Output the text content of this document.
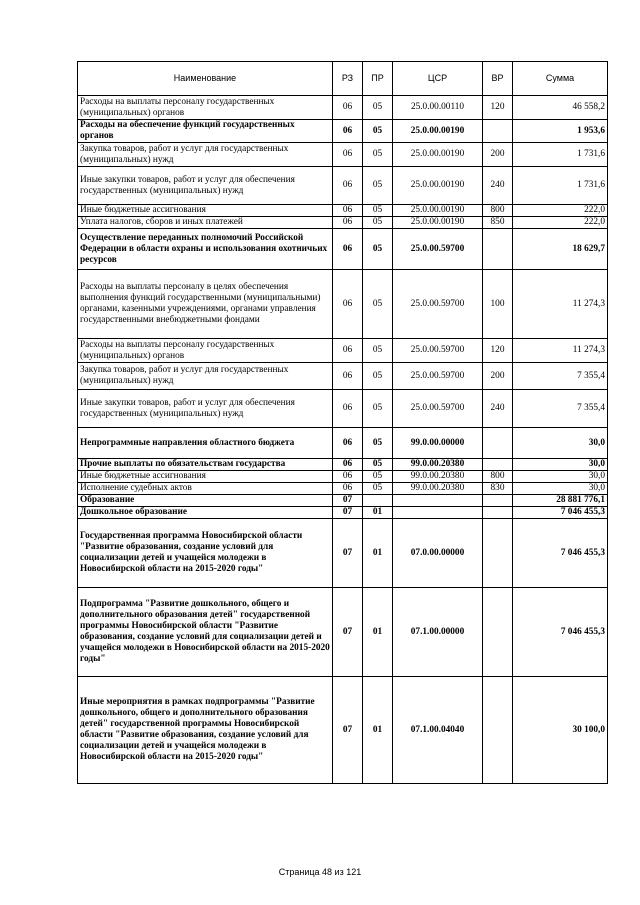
Наименование	РЗ	ПР	ЦСР	ВР	Сумма
Расходы на выплаты персоналу государственных (муниципальных) органов	06	05	25.0.00.00110	120	46 558,2
Расходы на обеспечение функций государственных органов	06	05	25.0.00.00190		1 953,6
Закупка товаров, работ и услуг для государственных (муниципальных) нужд	06	05	25.0.00.00190	200	1 731,6
Иные закупки товаров, работ и услуг для обеспечения государственных (муниципальных) нужд	06	05	25.0.00.00190	240	1 731,6
Иные бюджетные ассигнования	06	05	25.0.00.00190	800	222,0
Уплата налогов, сборов и иных платежей	06	05	25.0.00.00190	850	222,0
Осуществление переданных полномочий Российской Федерации в области охраны и использования охотничьих ресурсов	06	05	25.0.00.59700		18 629,7
Расходы на выплаты персоналу в целях обеспечения выполнения функций государственными (муниципальными) органами, казенными учреждениями, органами управления государственными внебюджетными фондами	06	05	25.0.00.59700	100	11 274,3
Расходы на выплаты персоналу государственных (муниципальных) органов	06	05	25.0.00.59700	120	11 274,3
Закупка товаров, работ и услуг для государственных (муниципальных) нужд	06	05	25.0.00.59700	200	7 355,4
Иные закупки товаров, работ и услуг для обеспечения государственных (муниципальных) нужд	06	05	25.0.00.59700	240	7 355,4
Непрограммные направления областного бюджета	06	05	99.0.00.00000		30,0
Прочие выплаты по обязательствам государства	06	05	99.0.00.20380		30,0
Иные бюджетные ассигнования	06	05	99.0.00.20380	800	30,0
Исполнение судебных актов	06	05	99.0.00.20380	830	30,0
Образование	07				28 881 776,1
Дошкольное образование	07	01			7 046 455,3
Государственная программа Новосибирской области "Развитие образования, создание условий для социализации детей и учащейся молодежи в Новосибирской области на 2015-2020 годы"	07	01	07.0.00.00000		7 046 455,3
Подпрограмма "Развитие дошкольного, общего и дополнительного образования детей" государственной программы Новосибирской области "Развитие образования, создание условий для социализации детей и учащейся молодежи в Новосибирской области на 2015-2020 годы"	07	01	07.1.00.00000		7 046 455,3
Иные мероприятия в рамках подпрограммы "Развитие дошкольного, общего и дополнительного образования детей" государственной программы Новосибирской области "Развитие образования, создание условий для социализации детей и учащейся молодежи в Новосибирской области на 2015-2020 годы"	07	01	07.1.00.04040		30 100,0
Страница 48 из 121
